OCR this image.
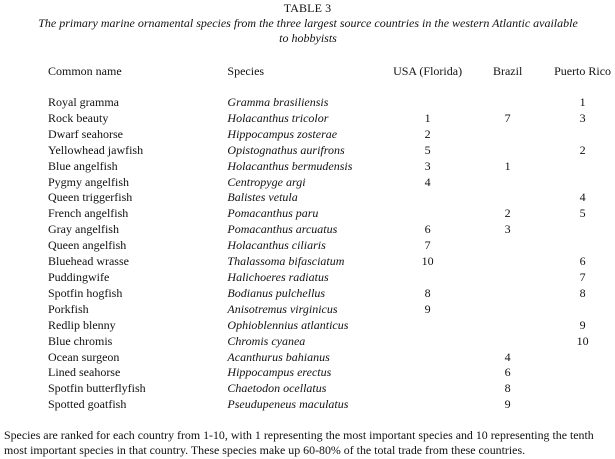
TABLE 3
The primary marine ornamental species from the three largest source countries in the western Atlantic available to hobbyists
Common name	Species	USA (Florida)	Brazil	Puerto Rico

Royal gramma	Gramma brasiliensis			1
Rock beauty	Holacanthus tricolor	1	7	3
Dwarf seahorse	Hippocampus zosterae	2		
Yellowhead jawfish	Opistognathus aurifrons	5		2
Blue angelfish	Holacanthus bermudensis	3	1	
Pygmy angelfish	Centropyge argi	4		
Queen triggerfish	Balistes vetula			4
French angelfish	Pomacanthus paru		2	5
Gray angelfish	Pomacanthus arcuatus	6	3	
Queen angelfish	Holacanthus ciliaris	7		
Bluehead wrasse	Thalassoma bifasciatum	10		6
Puddingwife	Halichoeres radiatus			7
Spotfin hogfish	Bodianus pulchellus	8		8
Porkfish	Anisotremus virginicus	9		
Redlip blenny	Ophioblennius atlanticus			9
Blue chromis	Chromis cyanea			10
Ocean surgeon	Acanthurus bahianus		4	
Lined seahorse	Hippocampus erectus		6	
Spotfin butterflyfish	Chaetodon ocellatus		8	
Spotted goatfish	Pseudupeneus maculatus		9	
Species are ranked for each country from 1-10, with 1 representing the most important species and 10 representing the tenth most important species in that country. These species make up 60-80% of the total trade from these countries.
